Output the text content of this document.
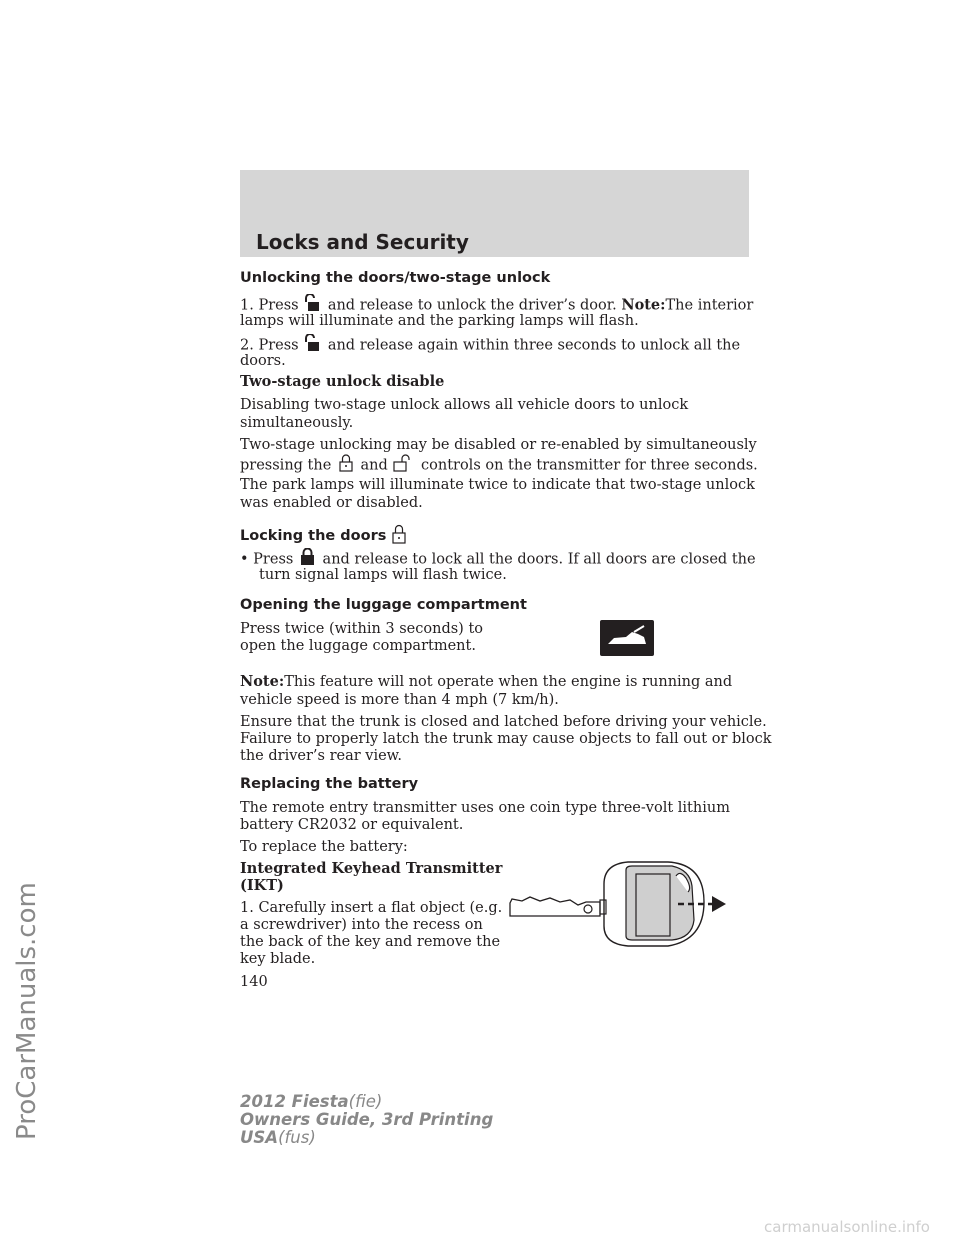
ProCarManuals.com
Locks and Security
Unlocking the doors/two-stage unlock
1. Press and release to unlock the driver’s door. Note:The interior
lamps will illuminate and the parking lamps will flash.
2. Press and release again within three seconds to unlock all the
doors.
Two-stage unlock disable
Disabling two-stage unlock allows all vehicle doors to unlock
simultaneously.
Two-stage unlocking may be disabled or re-enabled by simultaneously
pressing the and controls on the transmitter for three seconds.
The park lamps will illuminate twice to indicate that two-stage unlock
was enabled or disabled.
Locking the doors
• Press and release to lock all the doors. If all doors are closed the
turn signal lamps will flash twice.
Opening the luggage compartment
Press twice (within 3 seconds) to
open the luggage compartment.
Note:This feature will not operate when the engine is running and
vehicle speed is more than 4 mph (7 km/h).
Ensure that the trunk is closed and latched before driving your vehicle.
Failure to properly latch the trunk may cause objects to fall out or block
the driver’s rear view.
Replacing the battery
The remote entry transmitter uses one coin type three-volt lithium
battery CR2032 or equivalent.
To replace the battery:
Integrated Keyhead Transmitter
(IKT)
1. Carefully insert a flat object (e.g.
a screwdriver) into the recess on
the back of the key and remove the
key blade.
140
2012 Fiesta(fie)
Owners Guide, 3rd Printing
USA(fus)
carmanualsonline.info
